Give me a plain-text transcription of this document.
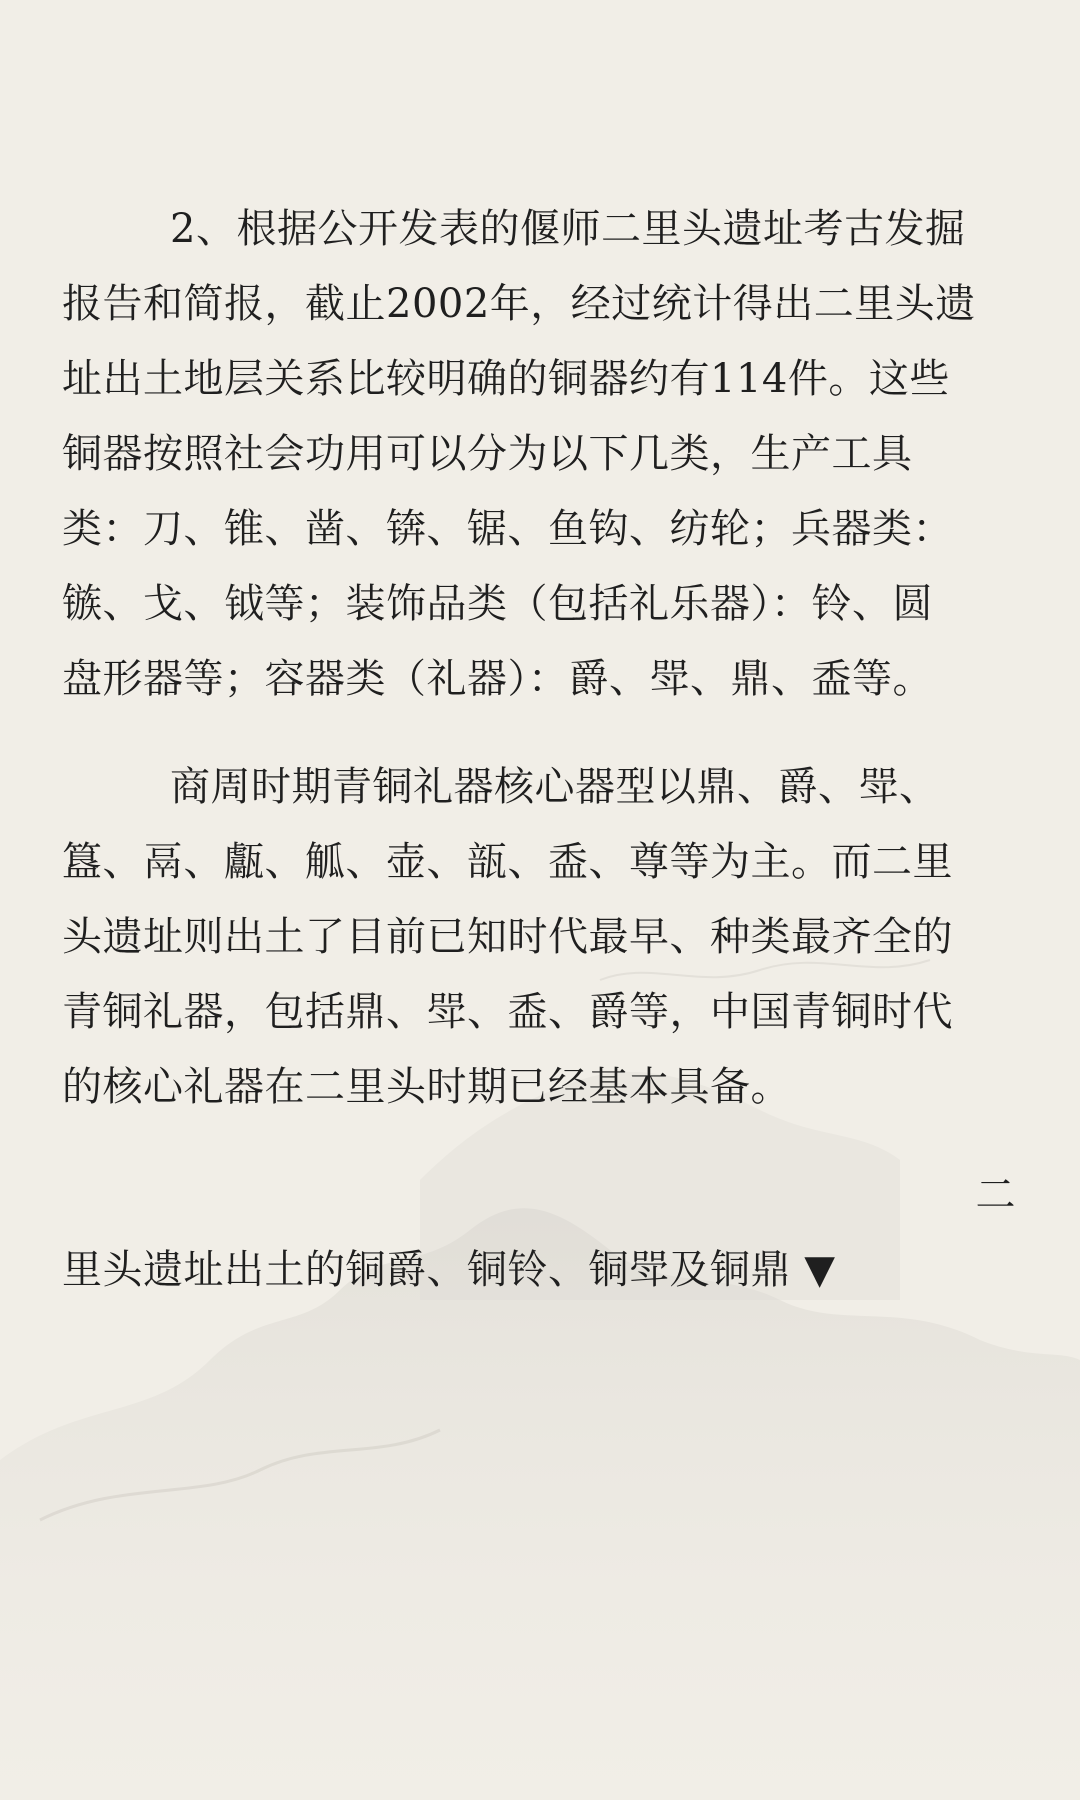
2、根据公开发表的偃师二里头遗址考古发掘
报告和简报，截止2002年，经过统计得出二里头遗
址出土地层关系比较明确的铜器约有114件。这些
铜器按照社会功用可以分为以下几类，生产工具
类：刀、锥、凿、锛、锯、鱼钩、纺轮；兵器类：
镞、戈、钺等；装饰品类（包括礼乐器）：铃、圆
盘形器等；容器类（礼器）：爵、斝、鼎、盉等。
商周时期青铜礼器核心器型以鼎、爵、斝、
簋、鬲、甗、觚、壶、瓿、盉、尊等为主。而二里
头遗址则出土了目前已知时代最早、种类最齐全的
青铜礼器，包括鼎、斝、盉、爵等，中国青铜时代
的核心礼器在二里头时期已经基本具备。
二
里头遗址出土的铜爵、铜铃、铜斝及铜鼎 ▼
